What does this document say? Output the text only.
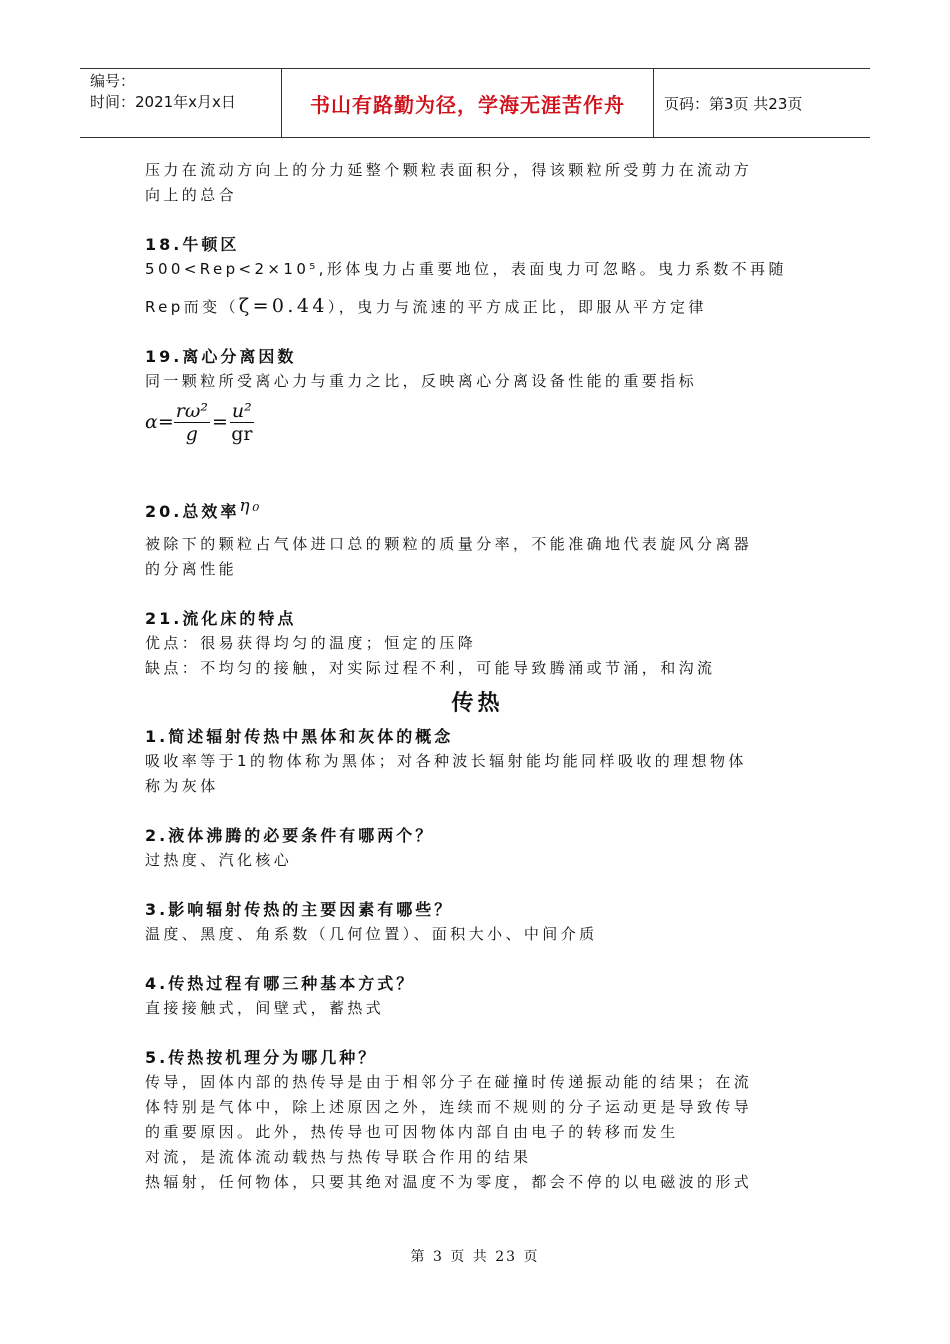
编号：
时间：2021年x月x日	书山有路勤为径，学海无涯苦作舟	页码：第3页 共23页

压力在流动方向上的分力延整个颗粒表面积分，得该颗粒所受剪力在流动方

向上的总合

18.牛顿区

500<Rep<2×10⁵,形体曳力占重要地位，表面曳力可忽略。曳力系数不再随

Rep而变（ζ=0.44），曳力与流速的平方成正比，即服从平方定律

19.离心分离因数

同一颗粒所受离心力与重力之比，反映离心分离设备性能的重要指标

$\alpha= \frac{\text{rω²}}{g} = \frac{\text{u²}}{gr}$

20.总效率η₀

被除下的颗粒占气体进口总的颗粒的质量分率，不能准确地代表旋风分离器

的分离性能

21.流化床的特点

优点：很易获得均匀的温度；恒定的压降

缺点：不均匀的接触，对实际过程不利，可能导致腾涌或节涌，和沟流

传热

1.简述辐射传热中黑体和灰体的概念

吸收率等于1的物体称为黑体；对各种波长辐射能均能同样吸收的理想物体

称为灰体

2.液体沸腾的必要条件有哪两个？

过热度、汽化核心

3.影响辐射传热的主要因素有哪些？

温度、黑度、角系数（几何位置）、面积大小、中间介质

4.传热过程有哪三种基本方式？

直接接触式，间壁式，蓄热式

5.传热按机理分为哪几种？

传导，固体内部的热传导是由于相邻分子在碰撞时传递振动能的结果；在流

体特别是气体中，除上述原因之外，连续而不规则的分子运动更是导致传导

的重要原因。此外，热传导也可因物体内部自由电子的转移而发生

对流，是流体流动载热与热传导联合作用的结果

热辐射，任何物体，只要其绝对温度不为零度，都会不停的以电磁波的形式

第 3 页 共 23 页
